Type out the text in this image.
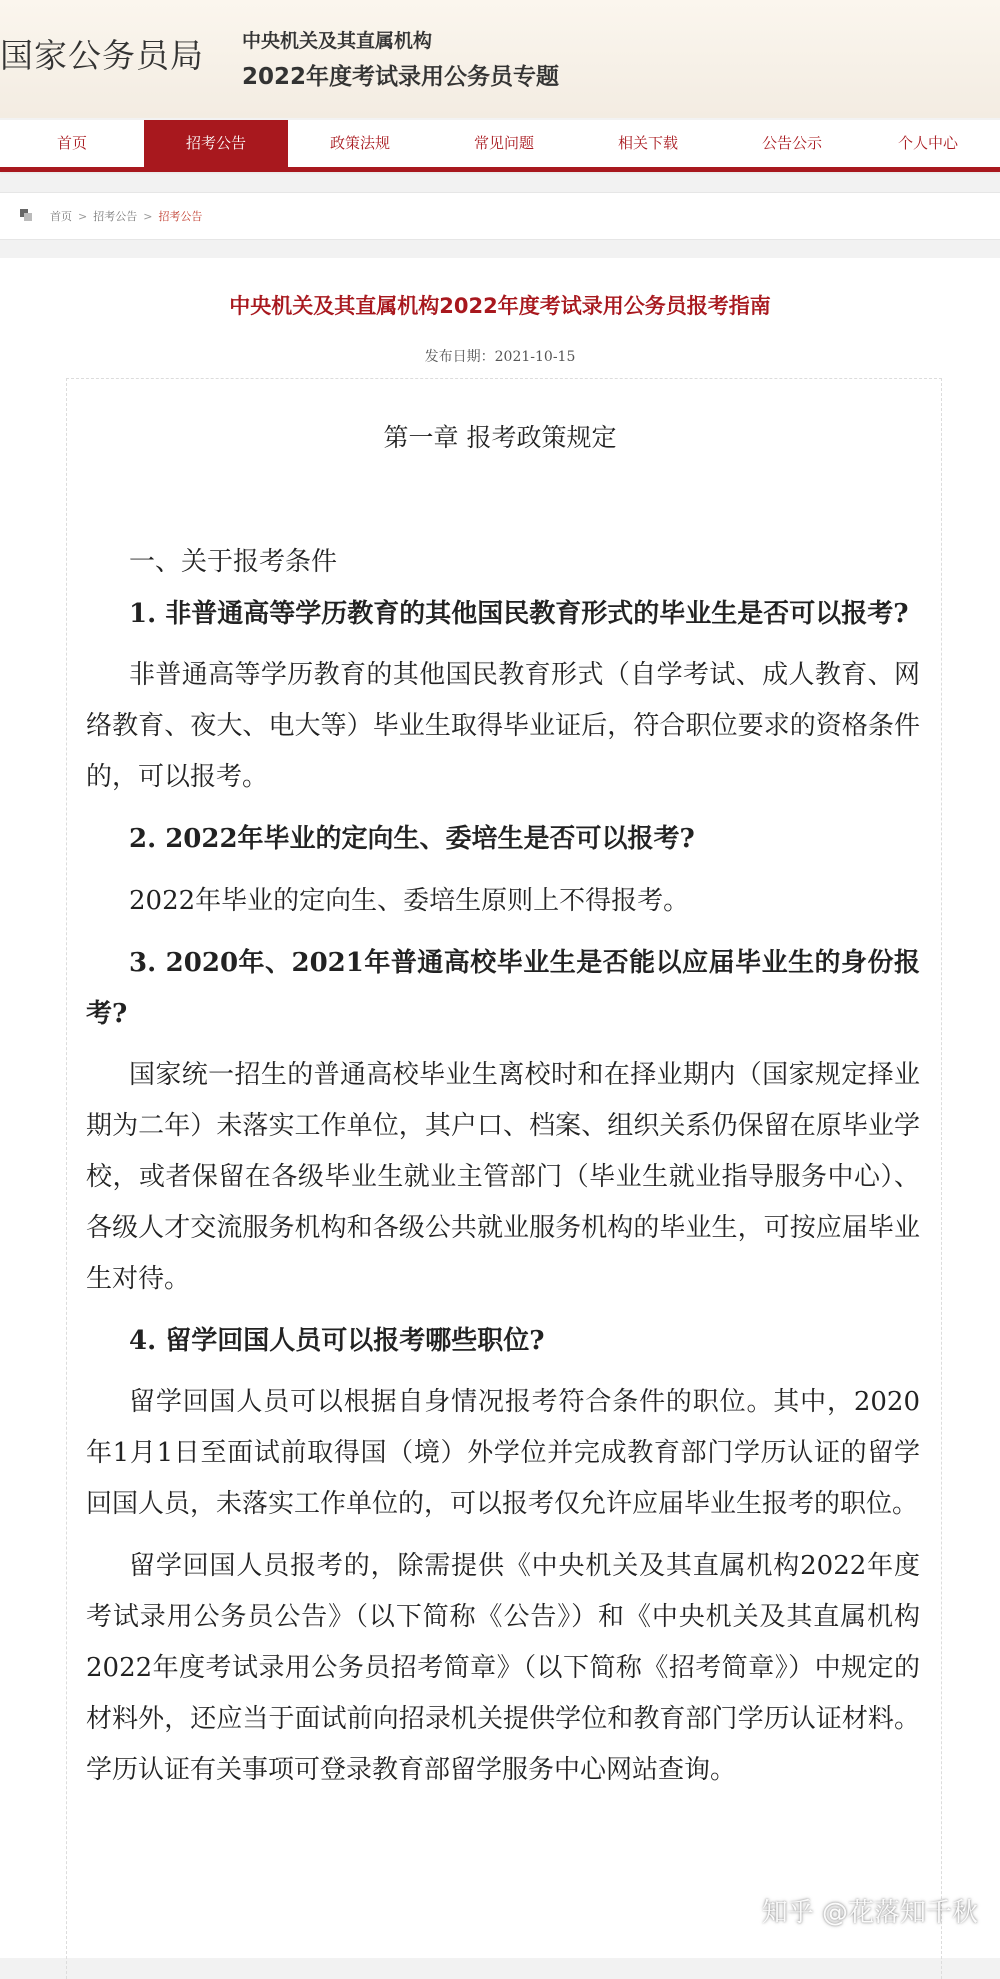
国家公务员局 中央机关及其直属机构
2022年度考试录用公务员专题
首页	招考公告	政策法规	常见问题	相关下载	公告公示	个人中心
首页 > 招考公告 > 招考公告
中央机关及其直属机构2022年度考试录用公务员报考指南
发布日期：2021-10-15
第一章 报考政策规定

一、关于报考条件

1. 非普通高等学历教育的其他国民教育形式的毕业生是否可以报考?

非普通高等学历教育的其他国民教育形式（自学考试、成人教育、网络教育、夜大、电大等）毕业生取得毕业证后，符合职位要求的资格条件的，可以报考。

2. 2022年毕业的定向生、委培生是否可以报考?

2022年毕业的定向生、委培生原则上不得报考。

3. 2020年、2021年普通高校毕业生是否能以应届毕业生的身份报考?

国家统一招生的普通高校毕业生离校时和在择业期内（国家规定择业期为二年）未落实工作单位，其户口、档案、组织关系仍保留在原毕业学校，或者保留在各级毕业生就业主管部门（毕业生就业指导服务中心）、各级人才交流服务机构和各级公共就业服务机构的毕业生，可按应届毕业生对待。

4. 留学回国人员可以报考哪些职位?

留学回国人员可以根据自身情况报考符合条件的职位。其中，2020年1月1日至面试前取得国（境）外学位并完成教育部门学历认证的留学回国人员，未落实工作单位的，可以报考仅允许应届毕业生报考的职位。

留学回国人员报考的，除需提供《中央机关及其直属机构2022年度考试录用公务员公告》（以下简称《公告》）和《中央机关及其直属机构2022年度考试录用公务员招考简章》（以下简称《招考简章》）中规定的材料外，还应当于面试前向招录机关提供学位和教育部门学历认证材料。学历认证有关事项可登录教育部留学服务中心网站查询。

知乎 @花落知千秋
